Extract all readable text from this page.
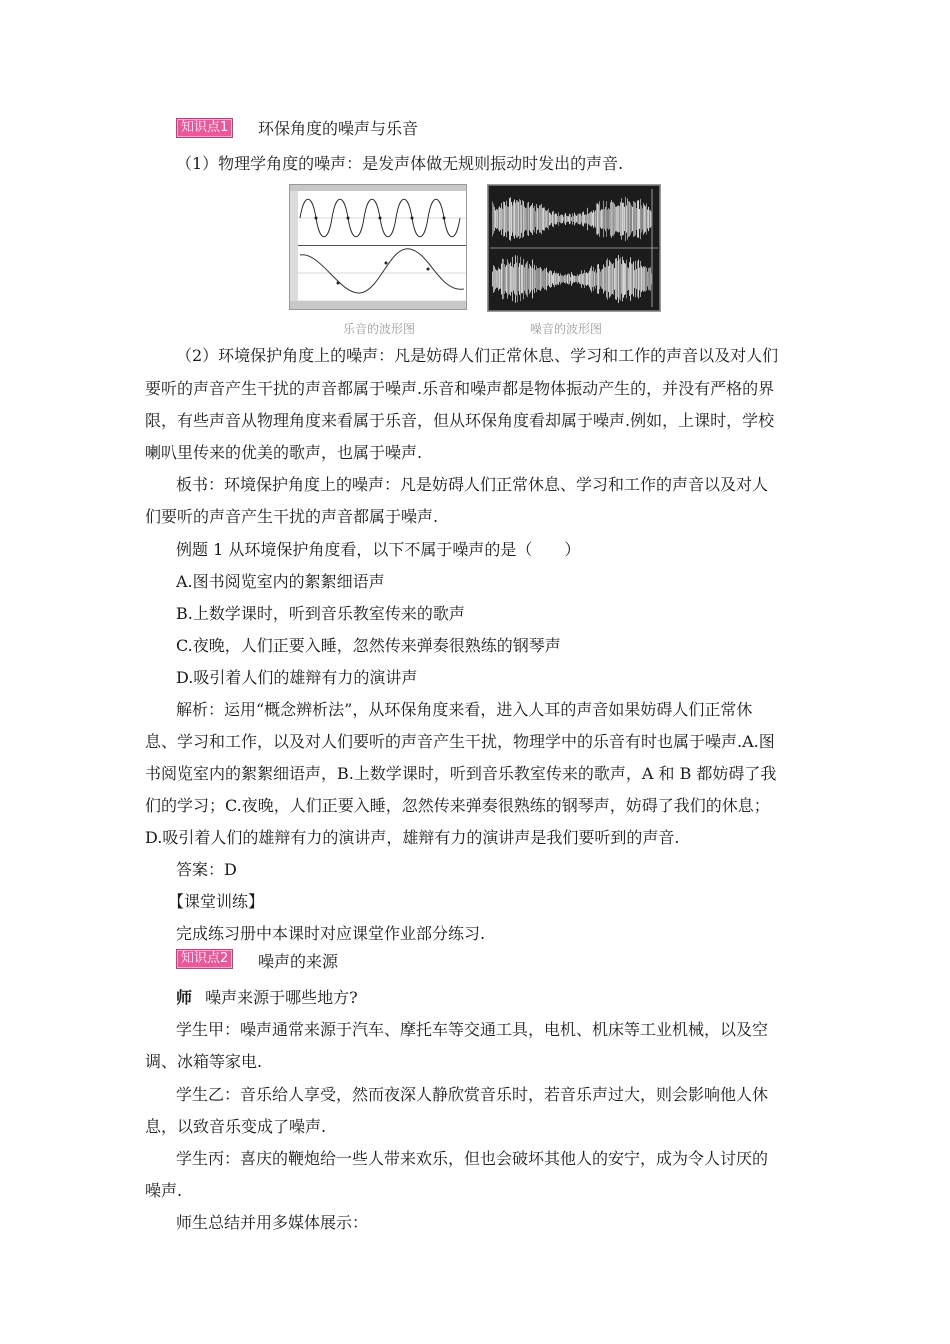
知识点1	环保角度的噪声与乐音
（1）物理学角度的噪声：是发声体做无规则振动时发出的声音.
乐音的波形图	噪音的波形图
（2）环境保护角度上的噪声：凡是妨碍人们正常休息、学习和工作的声音以及对人们
要听的声音产生干扰的声音都属于噪声.乐音和噪声都是物体振动产生的，并没有严格的界
限，有些声音从物理角度来看属于乐音，但从环保角度看却属于噪声.例如，上课时，学校
喇叭里传来的优美的歌声，也属于噪声.
板书：环境保护角度上的噪声：凡是妨碍人们正常休息、学习和工作的声音以及对人
们要听的声音产生干扰的声音都属于噪声.
例题 1 从环境保护角度看，以下不属于噪声的是（　　）
A.图书阅览室内的絮絮细语声
B.上数学课时，听到音乐教室传来的歌声
C.夜晚，人们正要入睡，忽然传来弹奏很熟练的钢琴声
D.吸引着人们的雄辩有力的演讲声
解析：运用“概念辨析法”，从环保角度来看，进入人耳的声音如果妨碍人们正常休
息、学习和工作，以及对人们要听的声音产生干扰，物理学中的乐音有时也属于噪声.A.图
书阅览室内的絮絮细语声，B.上数学课时，听到音乐教室传来的歌声，A 和 B 都妨碍了我
们的学习；C.夜晚，人们正要入睡，忽然传来弹奏很熟练的钢琴声，妨碍了我们的休息；
D.吸引着人们的雄辩有力的演讲声，雄辩有力的演讲声是我们要听到的声音.
答案：D
【课堂训练】
完成练习册中本课时对应课堂作业部分练习.
知识点2	噪声的来源
师 噪声来源于哪些地方?
学生甲：噪声通常来源于汽车、摩托车等交通工具，电机、机床等工业机械，以及空
调、冰箱等家电.
学生乙：音乐给人享受，然而夜深人静欣赏音乐时，若音乐声过大，则会影响他人休
息，以致音乐变成了噪声.
学生丙：喜庆的鞭炮给一些人带来欢乐，但也会破坏其他人的安宁，成为令人讨厌的
噪声.
师生总结并用多媒体展示：
